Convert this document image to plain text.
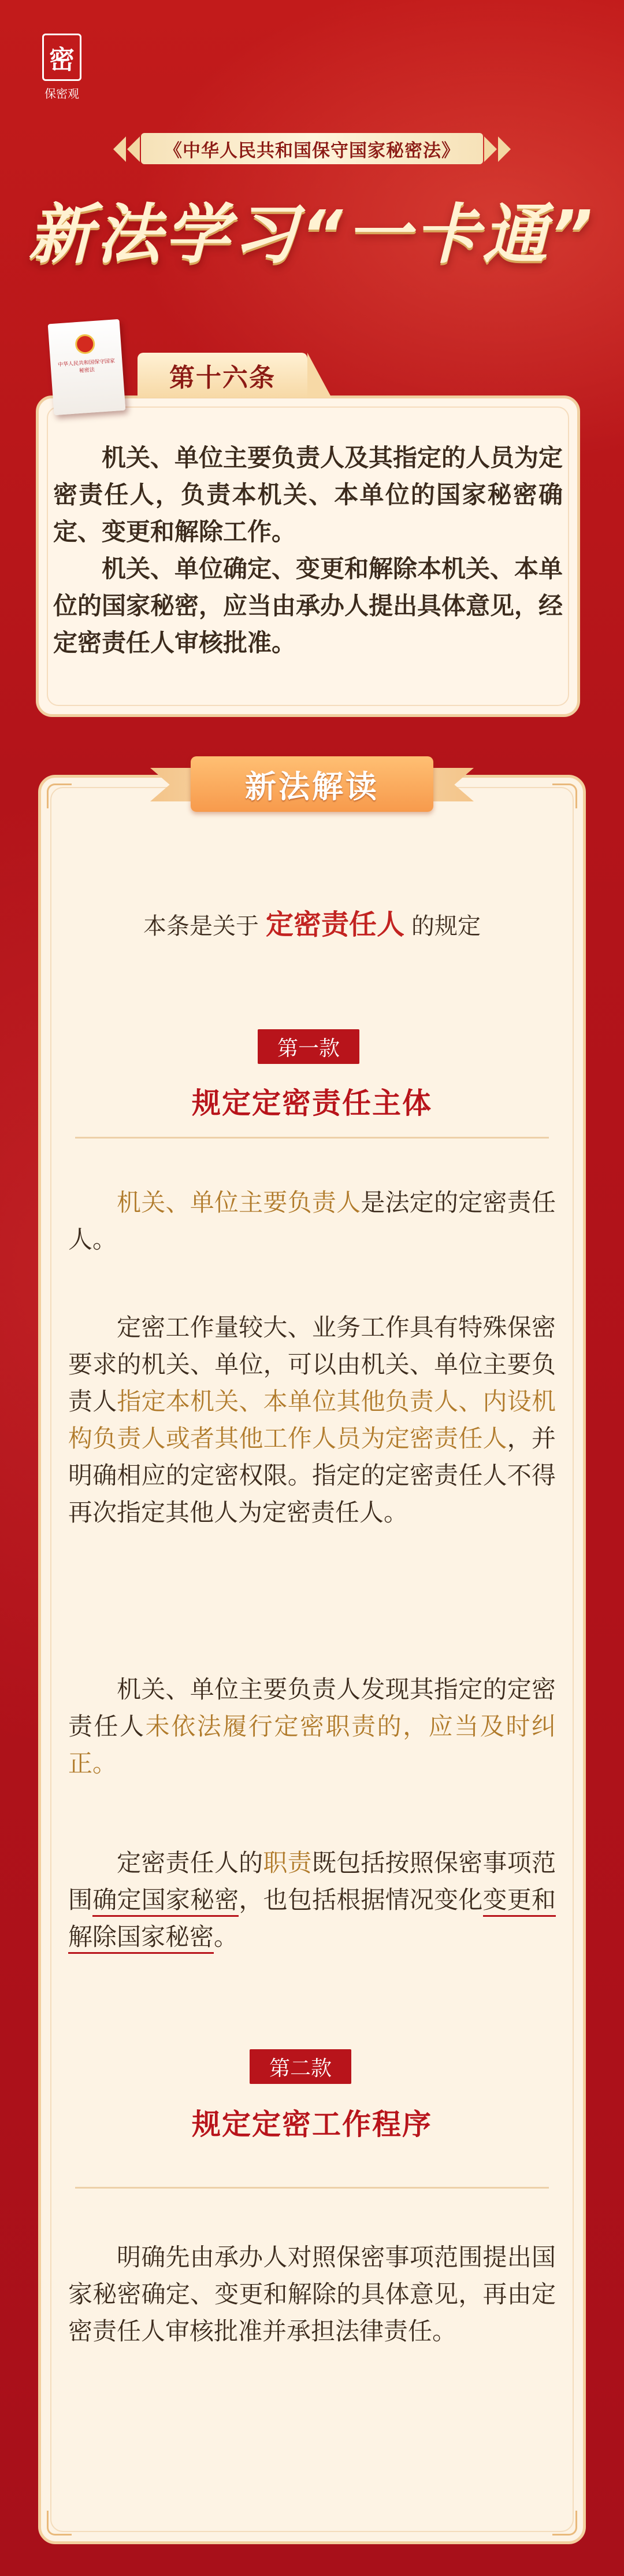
密
保密观
《中华人民共和国保守国家秘密法》
新法学习“一卡通”
中华人民共和国保守国家秘密法	第十六条

机关、单位主要负责人及其指定的人员为定密责任人，负责本机关、本单位的国家秘密确定、变更和解除工作。

机关、单位确定、变更和解除本机关、本单位的国家秘密，应当由承办人提出具体意见，经定密责任人审核批准。

新法解读
本条是关于 定密责任人 的规定
第一款
规定定密责任主体

机关、单位主要负责人是法定的定密责任人。

定密工作量较大、业务工作具有特殊保密要求的机关、单位，可以由机关、单位主要负责人指定本机关、本单位其他负责人、内设机构负责人或者其他工作人员为定密责任人，并明确相应的定密权限。指定的定密责任人不得再次指定其他人为定密责任人。

机关、单位主要负责人发现其指定的定密责任人未依法履行定密职责的，应当及时纠正。

定密责任人的职责既包括按照保密事项范围确定国家秘密，也包括根据情况变化变更和解除国家秘密。

第二款
规定定密工作程序

明确先由承办人对照保密事项范围提出国家秘密确定、变更和解除的具体意见，再由定密责任人审核批准并承担法律责任。
